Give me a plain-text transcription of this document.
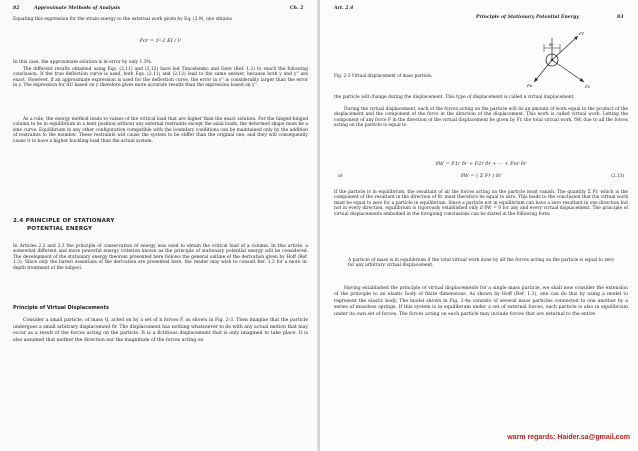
82	Approximate Methods of Analysis	Ch. 2

Equating this expression for the strain energy to the external work given by Eq. (2.9), one obtains

Pcr = 1²·2 EI / l²

In this case, the approximate solution is in error by only 1.3%.

The different results obtained using Eqs. (2.11) and (2.12) have led Timoshenko and Gere (Ref. 1.2) to reach the following conclusion. If the true deflection curve is used, both Eqs. (2.11) and (2.12) lead to the same answer, because both y and y'' are exact. However, if an approximate expression is used for the deflection curve, the error in y'' is considerably larger than the error in y. The expression for ΔU based on y therefore gives more accurate results than the expression based on y''.

As a rule, the energy method leads to values of the critical load that are higher than the exact solution. For the hinged-hinged column to be in equilibrium in a bent position without any external restraints except the axial loads, the deformed shape must be a sine curve. Equilibrium in any other configuration compatible with the boundary conditions can be maintained only by the addition of restraints to the member. These restraints will cause the system to be stiffer than the original one, and they will consequently cause it to have a higher buckling load than the actual system.

2.4 PRINCIPLE OF STATIONARY
POTENTIAL ENERGY

In Articles 2.2 and 2.3 the principle of conservation of energy was used to obtain the critical load of a column. In this article, a somewhat different and more powerful energy criterion known as the principle of stationary potential energy will be considered. The development of the stationary energy theorem presented here follows the general outline of the derivation given by Hoff (Ref. 1.3). Since only the barest essentials of the derivation are presented here, the reader may wish to consult Ref. 1.3 for a more in-depth treatment of the subject.

Principle of Virtual Displacements

Consider a small particle, of mass Q, acted on by a set of n forces F, as shown in Fig. 2-3. Then imagine that the particle undergoes a small arbitrary displacement δr. The displacement has nothing whatsoever to do with any actual motion that may occur as a result of the forces acting on the particle. It is a fictitious displacement that is only imagined to take place. It is also assumed that neither the direction nor the magnitude of the forces acting on

Art. 2.4
Principle of Stationary Potential Energy	83
δr
F1
Fn	F2
Fig. 2-3 Virtual displacement of mass particle.

the particle will change during the displacement. This type of displacement is called a virtual displacement.

During the virtual displacement, each of the forces acting on the particle will do an amount of work equal to the product of the displacement and the component of the force in the direction of the displacement. This work is called virtual work. Letting the component of any force F in the direction of the virtual displacement be given by Fr, the total virtual work, δW, due to all the forces acting on the particle is equal to

δW = F1r δr + F2r δr + ··· + Fnr δr
or	δW = ( Σ Fr ) δr	(2.13)

If the particle is in equilibrium, the resultant of all the forces acting on the particle must vanish. The quantity Σ Fr, which is the component of the resultant in the direction of δr, must therefore be equal to zero. This leads to the conclusion that the virtual work must be equal to zero for a particle in equilibrium. Since a particle not in equilibrium can have a zero resultant in one direction but not in every direction, equilibrium is rigorously established only if δW = 0 for any and every virtual displacement. The principle of virtual displacements embodied in the foregoing conclusions can be stated in the following form:

A particle of mass is in equilibrium if the total virtual work done by all the forces acting on the particle is equal to zero for any arbitrary virtual displacement.

Having established the principle of virtual displacements for a single mass particle, we shall now consider the extension of the principle to an elastic body of finite dimensions. As shown by Hoff (Ref. 1.3), one can do this by using a model to represent the elastic body. The model shown in Fig. 2-4a consists of several mass particles connected to one another by a series of massless springs. If this system is in equilibrium under a set of external forces, each particle is also in equilibrium under its own set of forces. The forces acting on each particle may include forces that are external to the entire

warm regards: Haider.sa@gmail.com
